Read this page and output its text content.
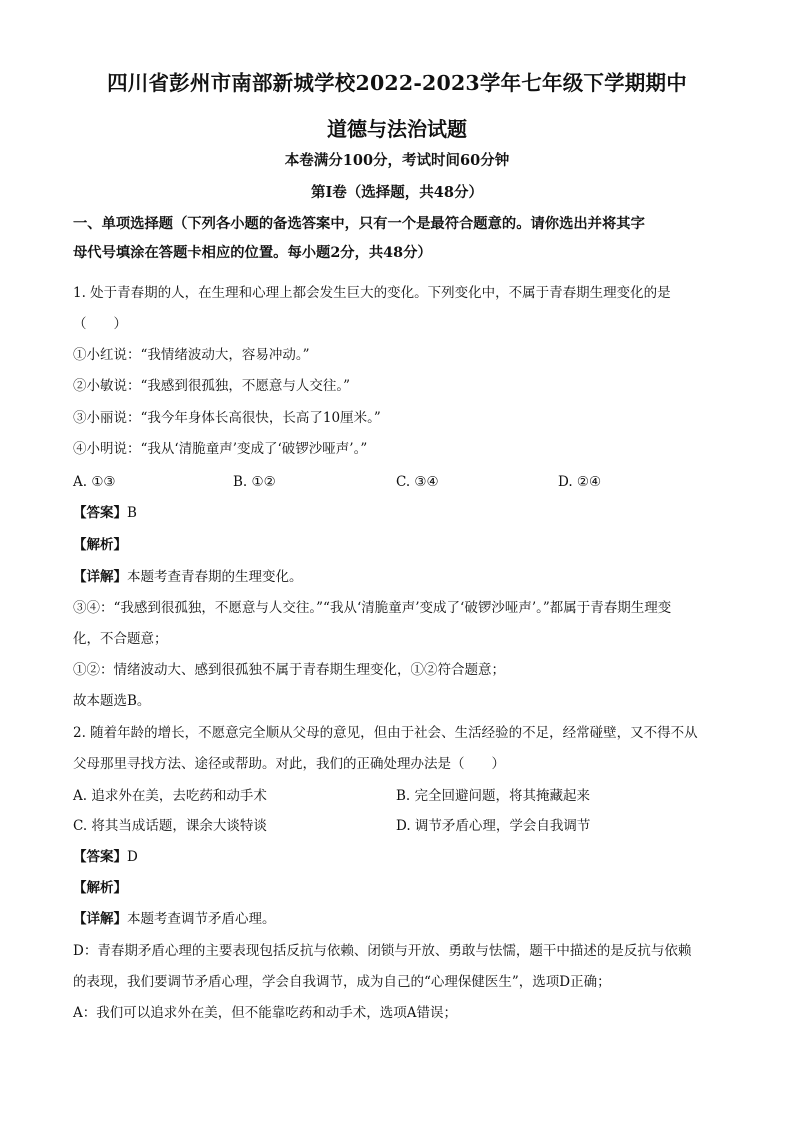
四川省彭州市南部新城学校2022-2023学年七年级下学期期中
道德与法治试题
本卷满分100分，考试时间60分钟
第Ⅰ卷（选择题，共48分）
一、单项选择题（下列各小题的备选答案中，只有一个是最符合题意的。请你选出并将其字
母代号填涂在答题卡相应的位置。每小题2分，共48分）
1. 处于青春期的人，在生理和心理上都会发生巨大的变化。下列变化中，不属于青春期生理变化的是
（　　）
①小红说：“我情绪波动大，容易冲动。”
②小敏说：“我感到很孤独，不愿意与人交往。”
③小丽说：“我今年身体长高很快，长高了10厘米。”
④小明说：“我从‘清脆童声’变成了‘破锣沙哑声’。”
A. ①③	B. ①②	C. ③④	D. ②④
【答案】B
【解析】
【详解】本题考查青春期的生理变化。
③④：“我感到很孤独，不愿意与人交往。”“我从‘清脆童声’变成了‘破锣沙哑声’。”都属于青春期生理变
化，不合题意；
①②：情绪波动大、感到很孤独不属于青春期生理变化，①②符合题意；
故本题选B。
2. 随着年龄的增长，不愿意完全顺从父母的意见，但由于社会、生活经验的不足，经常碰壁，又不得不从
父母那里寻找方法、途径或帮助。对此，我们的正确处理办法是（　　）
A. 追求外在美，去吃药和动手术	B. 完全回避问题，将其掩藏起来
C. 将其当成话题，课余大谈特谈	D. 调节矛盾心理，学会自我调节
【答案】D
【解析】
【详解】本题考查调节矛盾心理。
D：青春期矛盾心理的主要表现包括反抗与依赖、闭锁与开放、勇敢与怯懦，题干中描述的是反抗与依赖
的表现，我们要调节矛盾心理，学会自我调节，成为自己的“心理保健医生”，选项D正确；
A：我们可以追求外在美，但不能靠吃药和动手术，选项A错误；
